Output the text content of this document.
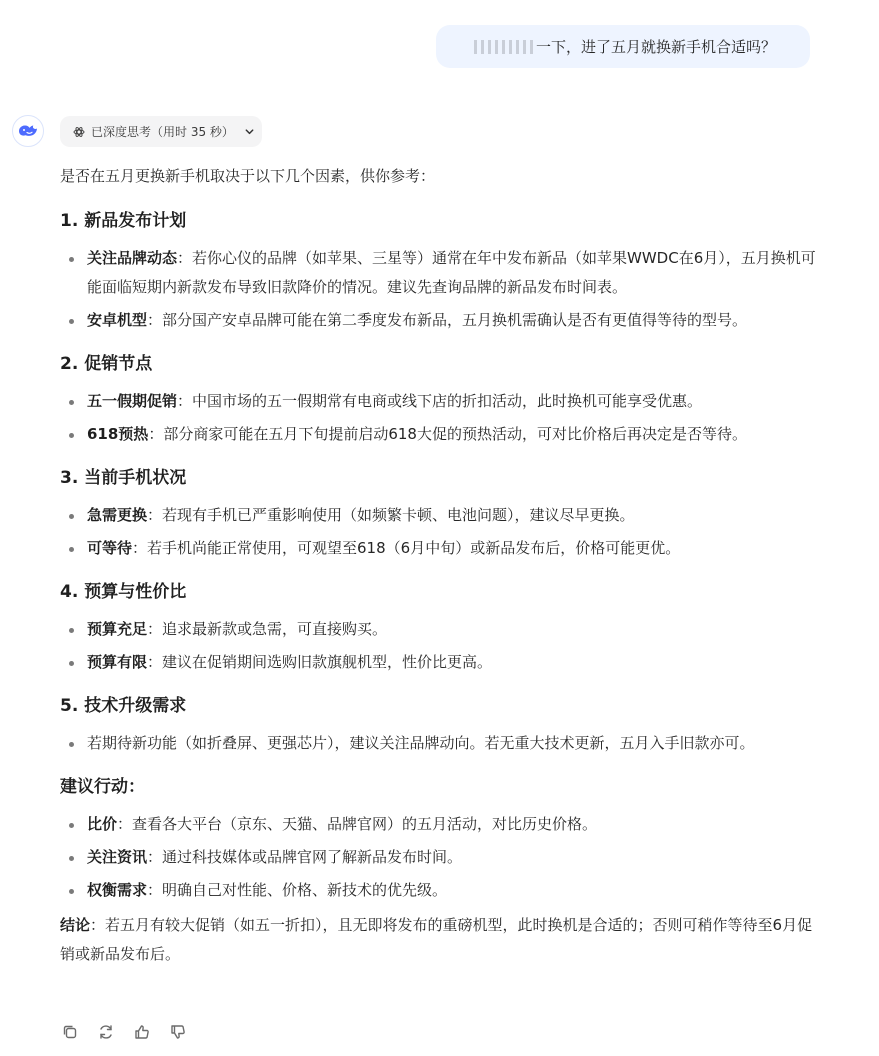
一下，进了五月就换新手机合适吗？
已深度思考（用时 35 秒）

是否在五月更换新手机取决于以下几个因素，供你参考：

1. 新品发布计划
关注品牌动态：若你心仪的品牌（如苹果、三星等）通常在年中发布新品（如苹果WWDC在6月），五月换机可能面临短期内新款发布导致旧款降价的情况。建议先查询品牌的新品发布时间表。
安卓机型：部分国产安卓品牌可能在第二季度发布新品，五月换机需确认是否有更值得等待的型号。
2. 促销节点
五一假期促销：中国市场的五一假期常有电商或线下店的折扣活动，此时换机可能享受优惠。
618预热：部分商家可能在五月下旬提前启动618大促的预热活动，可对比价格后再决定是否等待。
3. 当前手机状况
急需更换：若现有手机已严重影响使用（如频繁卡顿、电池问题），建议尽早更换。
可等待：若手机尚能正常使用，可观望至618（6月中旬）或新品发布后，价格可能更优。
4. 预算与性价比
预算充足：追求最新款或急需，可直接购买。
预算有限：建议在促销期间选购旧款旗舰机型，性价比更高。
5. 技术升级需求
若期待新功能（如折叠屏、更强芯片），建议关注品牌动向。若无重大技术更新，五月入手旧款亦可。
建议行动：
比价：查看各大平台（京东、天猫、品牌官网）的五月活动，对比历史价格。
关注资讯：通过科技媒体或品牌官网了解新品发布时间。
权衡需求：明确自己对性能、价格、新技术的优先级。

结论：若五月有较大促销（如五一折扣），且无即将发布的重磅机型，此时换机是合适的；否则可稍作等待至6月促销或新品发布后。
